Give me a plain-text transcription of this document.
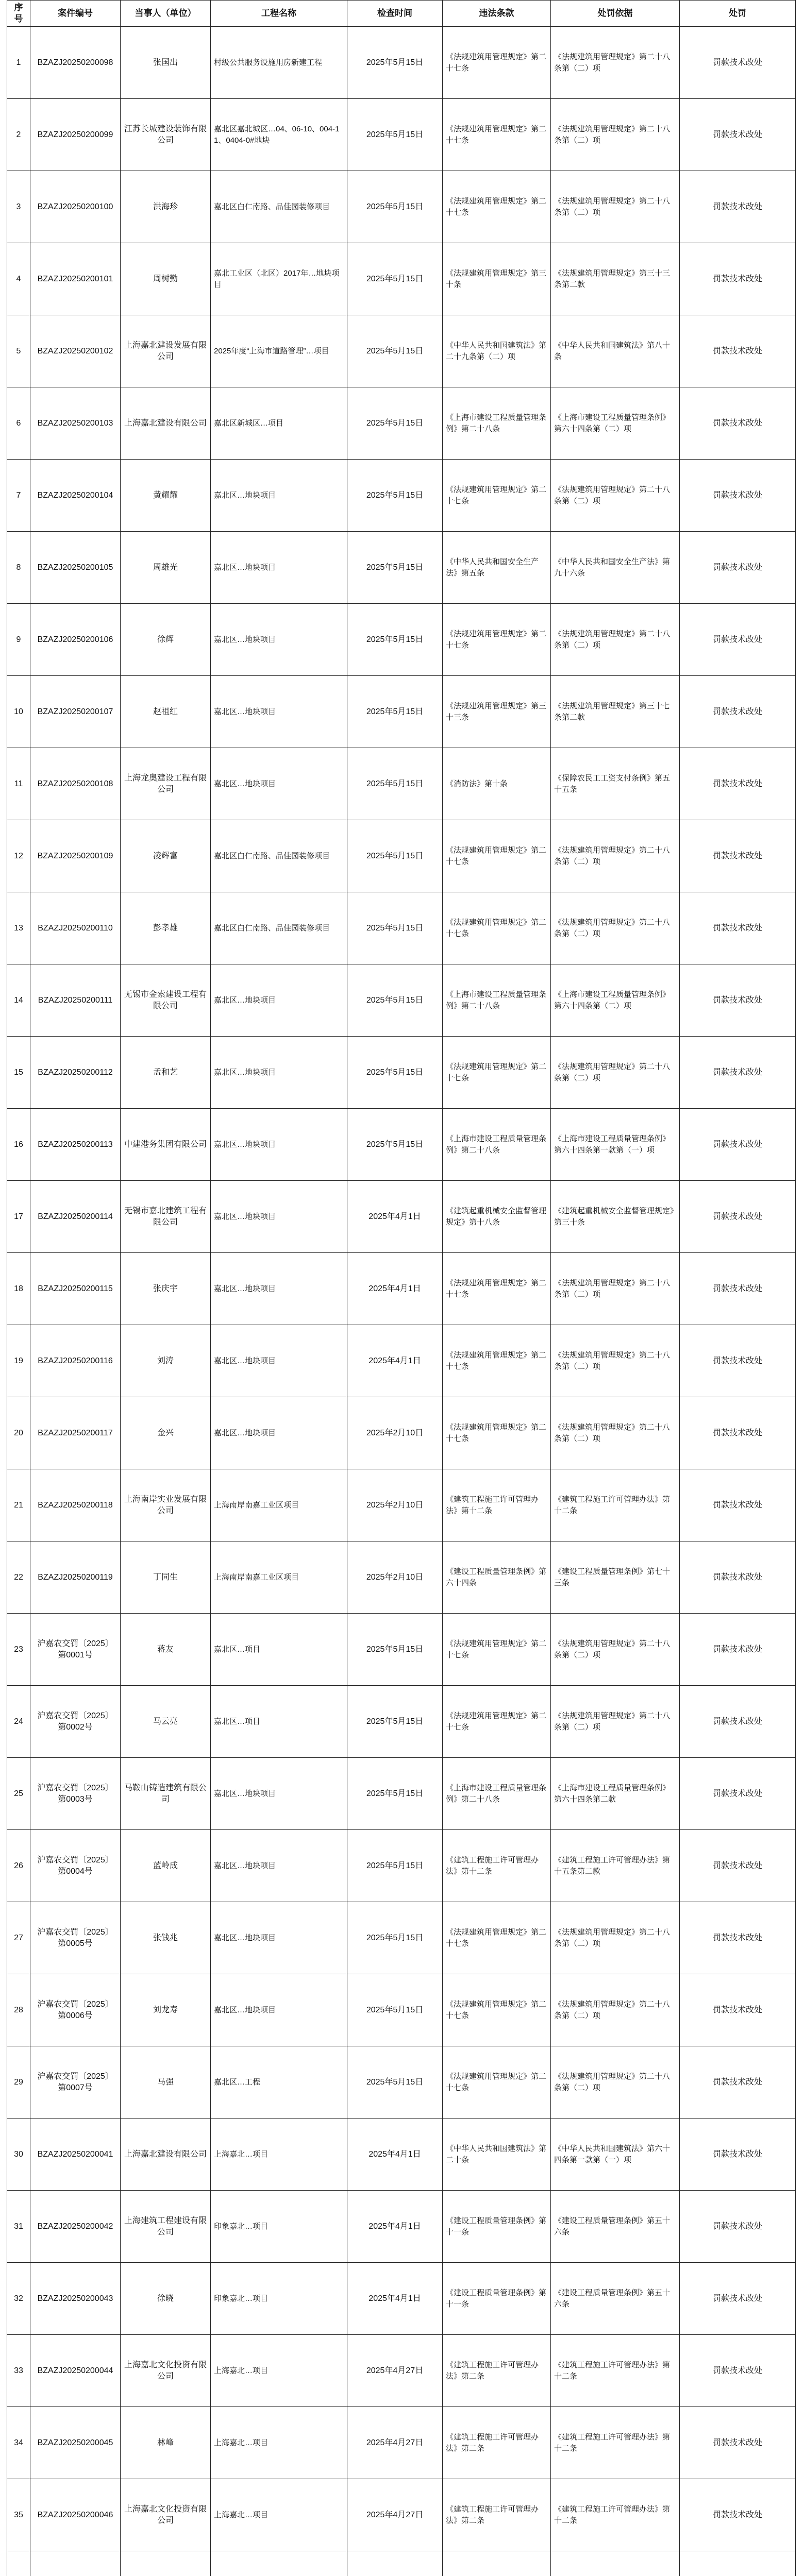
序号	案件编号	当事人（单位）	工程名称	检查时间	违法条款	处罚依据	处罚
1	BZAZJ20250200098	张国出	村级公共服务设施用房新建工程	2025年5月15日	《法规建筑用管理规定》第二十七条	《法规建筑用管理规定》第二十八条第（二）项	罚款技术改处
2	BZAZJ20250200099	江苏长城建设装饰有限公司	嘉北区嘉北城区…04、06-10、004-11、0404-0#地块	2025年5月15日	《法规建筑用管理规定》第二十七条	《法规建筑用管理规定》第二十八条第（二）项	罚款技术改处
3	BZAZJ20250200100	洪海珍	嘉北区白仁南路、品佳园装修项目	2025年5月15日	《法规建筑用管理规定》第二十七条	《法规建筑用管理规定》第二十八条第（二）项	罚款技术改处
4	BZAZJ20250200101	周树勤	嘉北工业区（北区）2017年…地块项目	2025年5月15日	《法规建筑用管理规定》第三十条	《法规建筑用管理规定》第三十三条第二款	罚款技术改处
5	BZAZJ20250200102	上海嘉北建设发展有限公司	2025年度“上海市道路管理”…项目	2025年5月15日	《中华人民共和国建筑法》第二十九条第（二）项	《中华人民共和国建筑法》第八十条	罚款技术改处
6	BZAZJ20250200103	上海嘉北建设有限公司	嘉北区新城区…项目	2025年5月15日	《上海市建设工程质量管理条例》第二十八条	《上海市建设工程质量管理条例》第六十四条第（二）项	罚款技术改处
7	BZAZJ20250200104	黄耀耀	嘉北区…地块项目	2025年5月15日	《法规建筑用管理规定》第二十七条	《法规建筑用管理规定》第二十八条第（二）项	罚款技术改处
8	BZAZJ20250200105	周雄光	嘉北区…地块项目	2025年5月15日	《中华人民共和国安全生产法》第五条	《中华人民共和国安全生产法》第九十六条	罚款技术改处
9	BZAZJ20250200106	徐辉	嘉北区…地块项目	2025年5月15日	《法规建筑用管理规定》第二十七条	《法规建筑用管理规定》第二十八条第（二）项	罚款技术改处
10	BZAZJ20250200107	赵祖红	嘉北区…地块项目	2025年5月15日	《法规建筑用管理规定》第三十三条	《法规建筑用管理规定》第三十七条第二款	罚款技术改处
11	BZAZJ20250200108	上海龙奥建设工程有限公司	嘉北区…地块项目	2025年5月15日	《消防法》第十条	《保障农民工工资支付条例》第五十五条	罚款技术改处
12	BZAZJ20250200109	凌辉富	嘉北区白仁南路、品佳园装修项目	2025年5月15日	《法规建筑用管理规定》第二十七条	《法规建筑用管理规定》第二十八条第（二）项	罚款技术改处
13	BZAZJ20250200110	彭孝雄	嘉北区白仁南路、品佳园装修项目	2025年5月15日	《法规建筑用管理规定》第二十七条	《法规建筑用管理规定》第二十八条第（二）项	罚款技术改处
14	BZAZJ20250200111	无锡市金索建设工程有限公司	嘉北区…地块项目	2025年5月15日	《上海市建设工程质量管理条例》第二十八条	《上海市建设工程质量管理条例》第六十四条第（二）项	罚款技术改处
15	BZAZJ20250200112	孟和艺	嘉北区…地块项目	2025年5月15日	《法规建筑用管理规定》第二十七条	《法规建筑用管理规定》第二十八条第（二）项	罚款技术改处
16	BZAZJ20250200113	中建港务集团有限公司	嘉北区…地块项目	2025年5月15日	《上海市建设工程质量管理条例》第二十八条	《上海市建设工程质量管理条例》第六十四条第一款第（一）项	罚款技术改处
17	BZAZJ20250200114	无锡市嘉北建筑工程有限公司	嘉北区…地块项目	2025年4月1日	《建筑起重机械安全监督管理规定》第十八条	《建筑起重机械安全监督管理规定》第三十条	罚款技术改处
18	BZAZJ20250200115	张庆宇	嘉北区…地块项目	2025年4月1日	《法规建筑用管理规定》第二十七条	《法规建筑用管理规定》第二十八条第（二）项	罚款技术改处
19	BZAZJ20250200116	刘涛	嘉北区…地块项目	2025年4月1日	《法规建筑用管理规定》第二十七条	《法规建筑用管理规定》第二十八条第（二）项	罚款技术改处
20	BZAZJ20250200117	金兴	嘉北区…地块项目	2025年2月10日	《法规建筑用管理规定》第二十七条	《法规建筑用管理规定》第二十八条第（二）项	罚款技术改处
21	BZAZJ20250200118	上海南岸实业发展有限公司	上海南岸南嘉工业区项目	2025年2月10日	《建筑工程施工许可管理办法》第十二条	《建筑工程施工许可管理办法》第十二条	罚款技术改处
22	BZAZJ20250200119	丁同生	上海南岸南嘉工业区项目	2025年2月10日	《建设工程质量管理条例》第六十四条	《建设工程质量管理条例》第七十三条	罚款技术改处
23	沪嘉农交罚〔2025〕第0001号	蒋友	嘉北区…项目	2025年5月15日	《法规建筑用管理规定》第二十七条	《法规建筑用管理规定》第二十八条第（二）项	罚款技术改处
24	沪嘉农交罚〔2025〕第0002号	马云亮	嘉北区…项目	2025年5月15日	《法规建筑用管理规定》第二十七条	《法规建筑用管理规定》第二十八条第（二）项	罚款技术改处
25	沪嘉农交罚〔2025〕第0003号	马鞍山铸造建筑有限公司	嘉北区…地块项目	2025年5月15日	《上海市建设工程质量管理条例》第二十八条	《上海市建设工程质量管理条例》第六十四条第二款	罚款技术改处
26	沪嘉农交罚〔2025〕第0004号	蓝岭成	嘉北区…地块项目	2025年5月15日	《建筑工程施工许可管理办法》第十二条	《建筑工程施工许可管理办法》第十五条第二款	罚款技术改处
27	沪嘉农交罚〔2025〕第0005号	张钱兆	嘉北区…地块项目	2025年5月15日	《法规建筑用管理规定》第二十七条	《法规建筑用管理规定》第二十八条第（二）项	罚款技术改处
28	沪嘉农交罚〔2025〕第0006号	刘龙寿	嘉北区…地块项目	2025年5月15日	《法规建筑用管理规定》第二十七条	《法规建筑用管理规定》第二十八条第（二）项	罚款技术改处
29	沪嘉农交罚〔2025〕第0007号	马强	嘉北区…工程	2025年5月15日	《法规建筑用管理规定》第二十七条	《法规建筑用管理规定》第二十八条第（二）项	罚款技术改处
30	BZAZJ20250200041	上海嘉北建设有限公司	上海嘉北…项目	2025年4月1日	《中华人民共和国建筑法》第二十条	《中华人民共和国建筑法》第六十四条第一款第（一）项	罚款技术改处
31	BZAZJ20250200042	上海建筑工程建设有限公司	印象嘉北…项目	2025年4月1日	《建设工程质量管理条例》第十一条	《建设工程质量管理条例》第五十六条	罚款技术改处
32	BZAZJ20250200043	徐晓	印象嘉北…项目	2025年4月1日	《建设工程质量管理条例》第十一条	《建设工程质量管理条例》第五十六条	罚款技术改处
33	BZAZJ20250200044	上海嘉北文化投资有限公司	上海嘉北…项目	2025年4月27日	《建筑工程施工许可管理办法》第二条	《建筑工程施工许可管理办法》第十二条	罚款技术改处
34	BZAZJ20250200045	林峰	上海嘉北…项目	2025年4月27日	《建筑工程施工许可管理办法》第二条	《建筑工程施工许可管理办法》第十二条	罚款技术改处
35	BZAZJ20250200046	上海嘉北文化投资有限公司	上海嘉北…项目	2025年4月27日	《建筑工程施工许可管理办法》第二条	《建筑工程施工许可管理办法》第十二条	罚款技术改处
